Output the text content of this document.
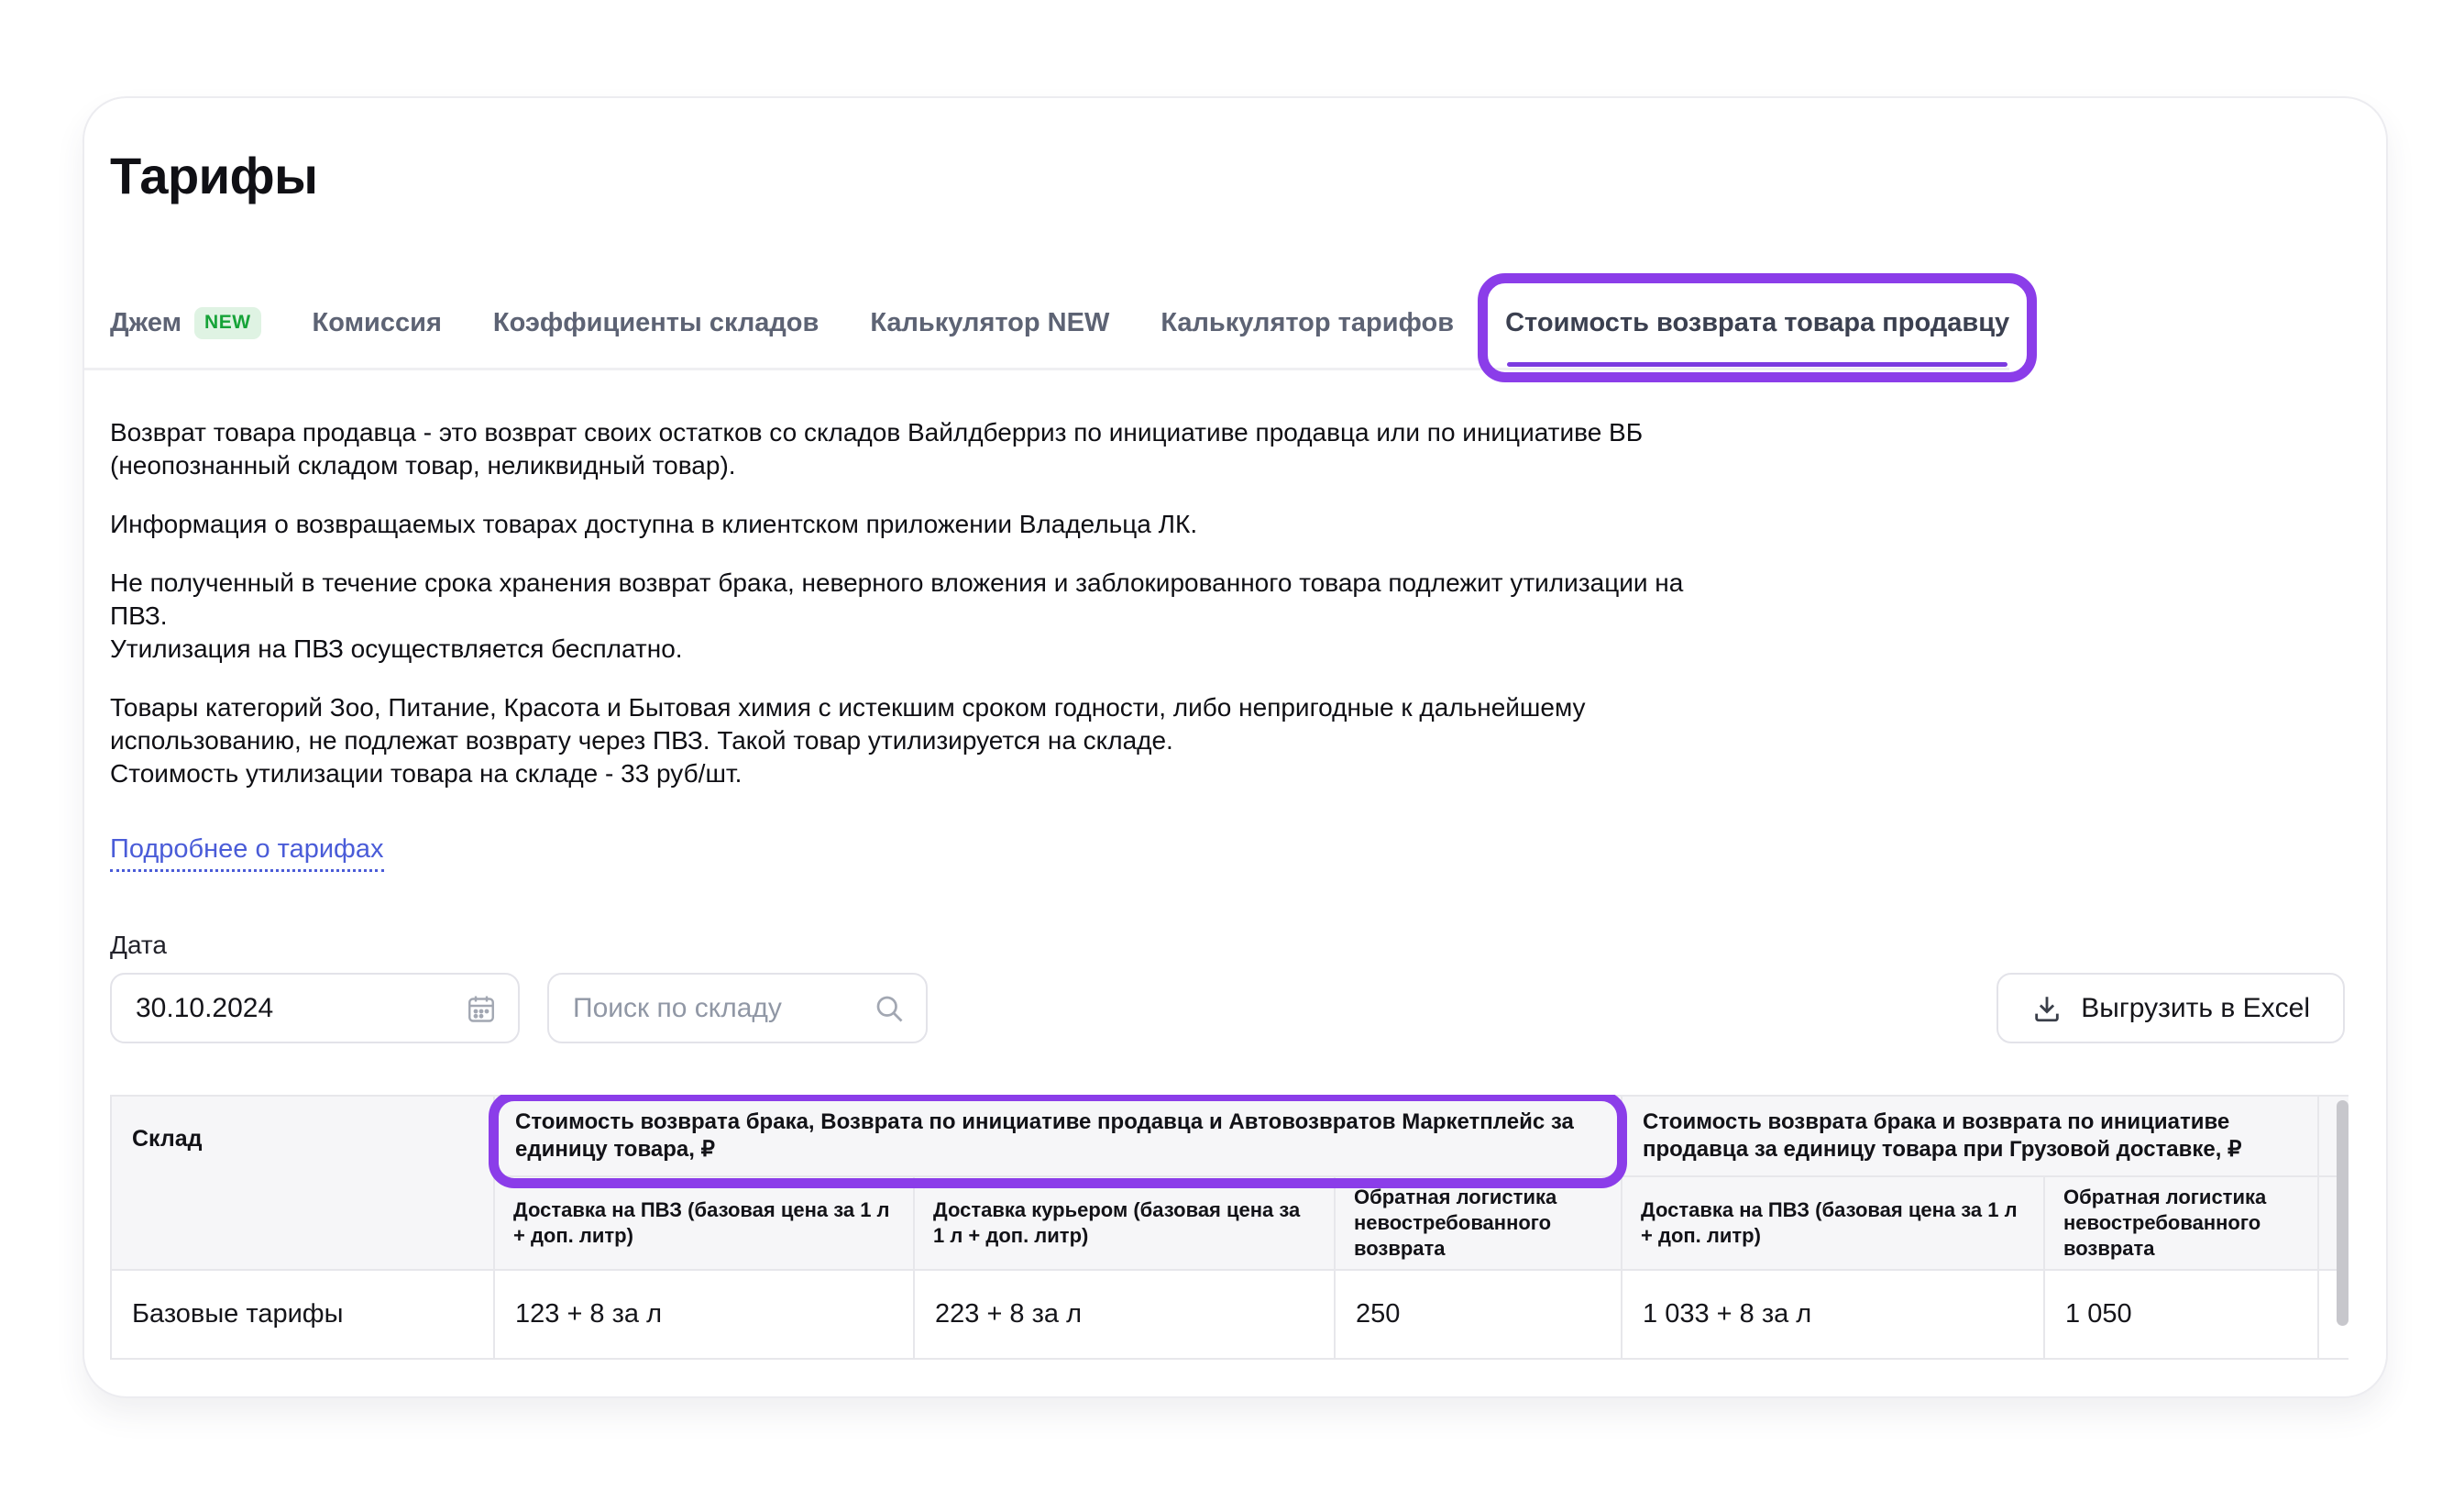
Тарифы
Джем NEW	Комиссия Коэффициенты складов Калькулятор NEW Калькулятор тарифов Стоимость возврата товара продавцу

Возврат товара продавца - это возврат своих остатков со складов Вайлдберриз по инициативе продавца или по инициативе ВБ
(неопознанный складом товар, неликвидный товар).

Информация о возвращаемых товарах доступна в клиентском приложении Владельца ЛК.

Не полученный в течение срока хранения возврат брака, неверного вложения и заблокированного товара подлежит утилизации на
ПВЗ.
Утилизация на ПВЗ осуществляется бесплатно.

Товары категорий Зоо, Питание, Красота и Бытовая химия с истекшим сроком годности, либо непригодные к дальнейшему
использованию, не подлежат возврату через ПВЗ. Такой товар утилизируется на складе.
Стоимость утилизации товара на складе - 33 руб/шт.

Подробнее о тарифах
Дата
30.10.2024
Поиск по складу
Выгрузить в Excel
Склад	Стоимость возврата брака, Возврата по инициативе продавца и Автовозвратов Маркетплейс за единицу товара, ₽			Стоимость возврата брака и возврата по инициативе продавца за единицу товара при Грузовой доставке, ₽		
	Доставка на ПВЗ (базовая цена за 1 л + доп. литр)	Доставка курьером (базовая цена за 1 л + доп. литр)	Обратная логистика невостребованного возврата	Доставка на ПВЗ (базовая цена за 1 л + доп. литр)	Обратная логистика невостребованного возврата	
Базовые тарифы	123 + 8 за л	223 + 8 за л	250	1 033 + 8 за л	1 050	
